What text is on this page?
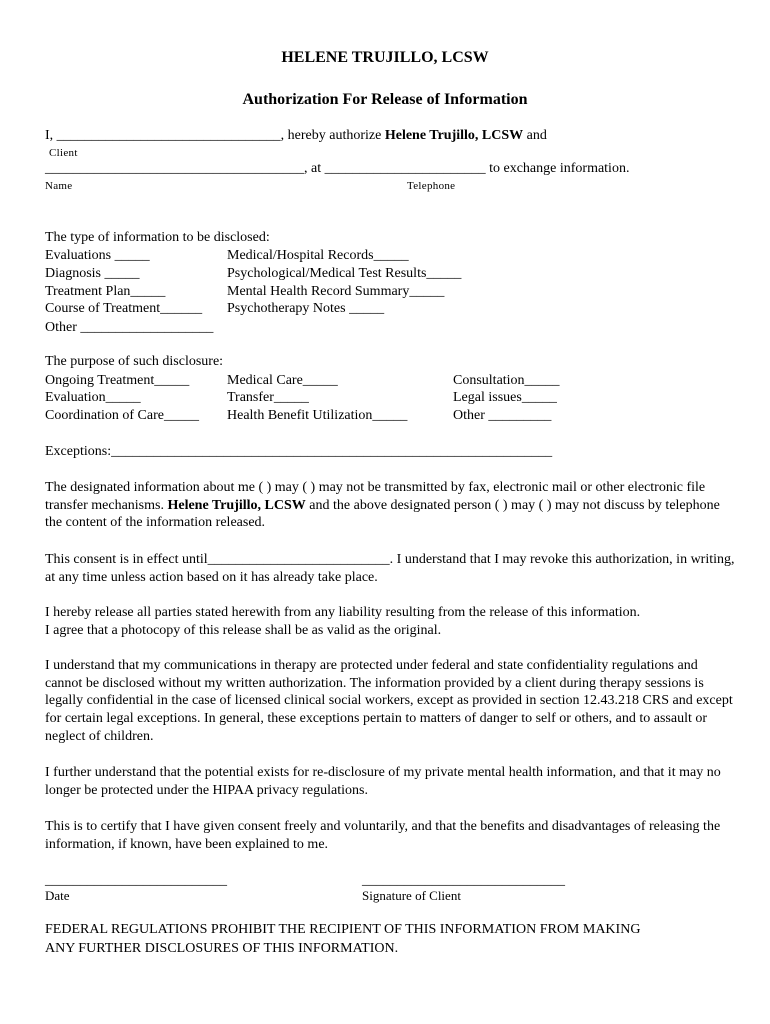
HELENE TRUJILLO, LCSW
Authorization For Release of Information
I, ________________________________, hereby authorize Helene Trujillo, LCSW and
Client
_____________________________________, at _______________________ to exchange information.
Name	Telephone
The type of information to be disclosed:
Evaluations _____
Diagnosis _____
Treatment Plan_____
Course of Treatment______
Other ___________________
Medical/Hospital Records_____
Psychological/Medical Test Results_____
Mental Health Record Summary_____
Psychotherapy Notes _____
The purpose of such disclosure:
Ongoing Treatment_____
Evaluation_____
Coordination of Care_____
Medical Care_____
Transfer_____
Health Benefit Utilization_____
Consultation_____
Legal issues_____
Other _________
Exceptions:_______________________________________________________________
The designated information about me ( ) may ( ) may not be transmitted by fax, electronic mail or other electronic file transfer mechanisms. Helene Trujillo, LCSW and the above designated person ( ) may ( ) may not discuss by telephone the content of the information released.
This consent is in effect until__________________________. I understand that I may revoke this authorization, in writing, at any time unless action based on it has already take place.
I hereby release all parties stated herewith from any liability resulting from the release of this information.
I agree that a photocopy of this release shall be as valid as the original.
I understand that my communications in therapy are protected under federal and state confidentiality regulations and cannot be disclosed without my written authorization. The information provided by a client during therapy sessions is legally confidential in the case of licensed clinical social workers, except as provided in section 12.43.218 CRS and except for certain legal exceptions. In general, these exceptions pertain to matters of danger to self or others, and to assault or neglect of children.
I further understand that the potential exists for re-disclosure of my private mental health information, and that it may no longer be protected under the HIPAA privacy regulations.
This is to certify that I have given consent freely and voluntarily, and that the benefits and disadvantages of releasing the information, if known, have been explained to me.
__________________________
Date
_____________________________
Signature of Client
FEDERAL REGULATIONS PROHIBIT THE RECIPIENT OF THIS INFORMATION FROM MAKING
ANY FURTHER DISCLOSURES OF THIS INFORMATION.
